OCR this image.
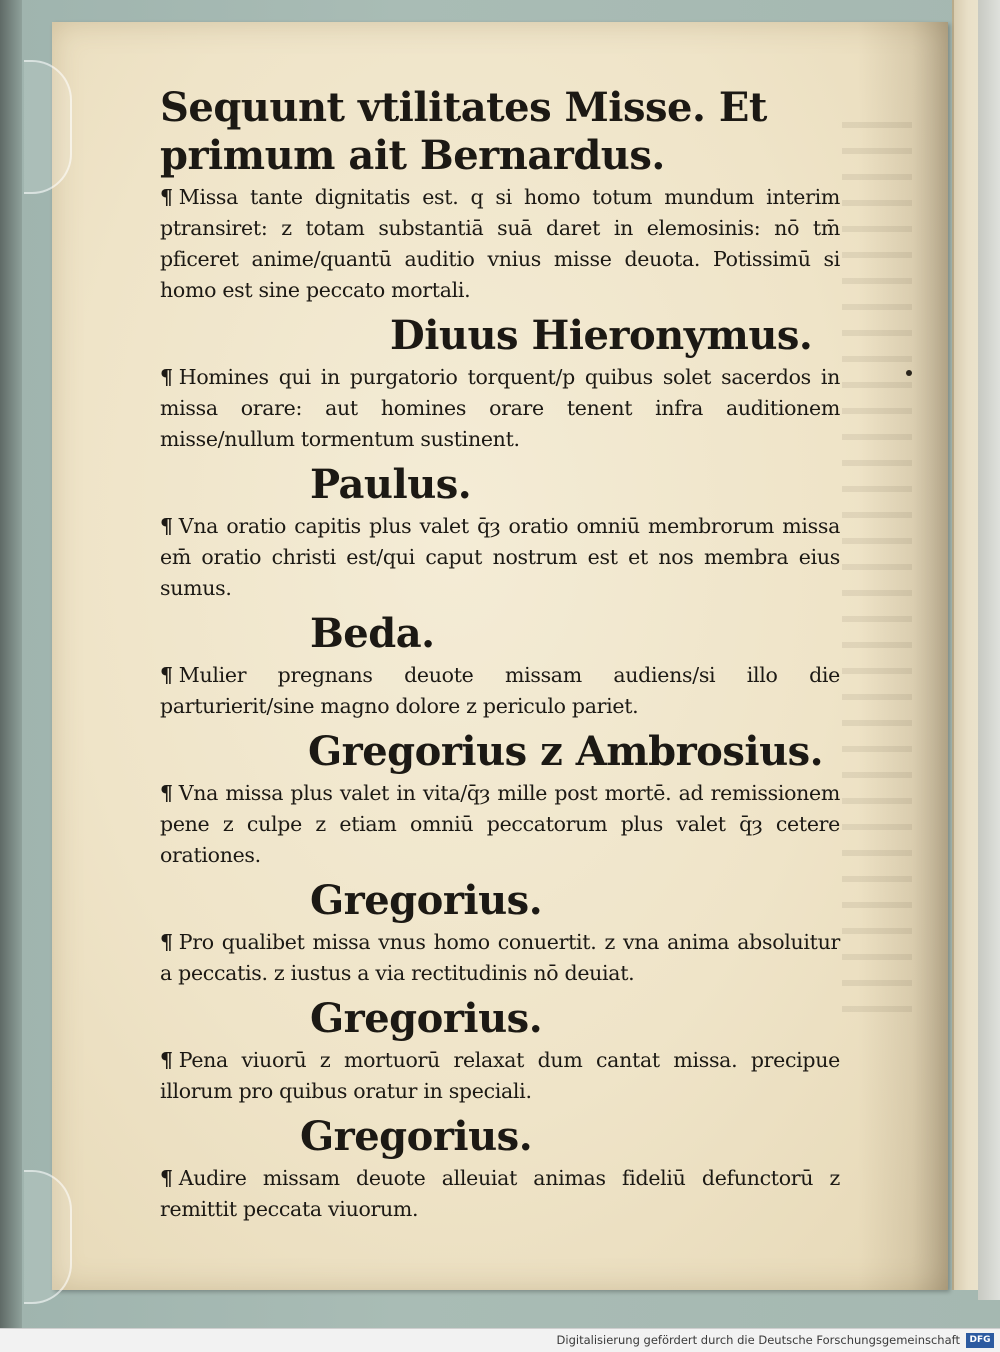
Sequunt vtilitates Misse. Et primum ait Bernardus.

¶ Missa tante dignitatis est. q si homo totum mundum interim ptransiret: z totam substantiā suā daret in elemosinis: nō tm̄ pficeret anime/quantū auditio vnius misse deuota. Potissimū si homo est sine peccato mortali.

Diuus Hieronymus.

¶ Homines qui in purgatorio torquent/p quibus solet sacerdos in missa orare: aut homines orare tenent infra auditionem misse/nullum tormentum sustinent.

Paulus.

¶ Vna oratio capitis plus valet q̄ȝ oratio omniū membrorum missa em̄ oratio christi est/qui caput nostrum est et nos membra eius sumus.

Beda.

¶ Mulier pregnans deuote missam audiens/si illo die parturierit/sine magno dolore z periculo pariet.

Gregorius z Ambrosius.

¶ Vna missa plus valet in vita/q̄ȝ mille post mortē. ad remissionem pene z culpe z etiam omniū peccatorum plus valet q̄ȝ cetere orationes.

Gregorius.

¶ Pro qualibet missa vnus homo conuertit. z vna anima absoluitur a peccatis. z iustus a via rectitudinis nō deuiat.

Gregorius.

¶ Pena viuorū z mortuorū relaxat dum cantat missa. precipue illorum pro quibus oratur in speciali.

Gregorius.

¶ Audire missam deuote alleuiat animas fideliū defunctorū z remittit peccata viuorum.

Digitalisierung gefördert durch die Deutsche Forschungsgemeinschaft	DFG
